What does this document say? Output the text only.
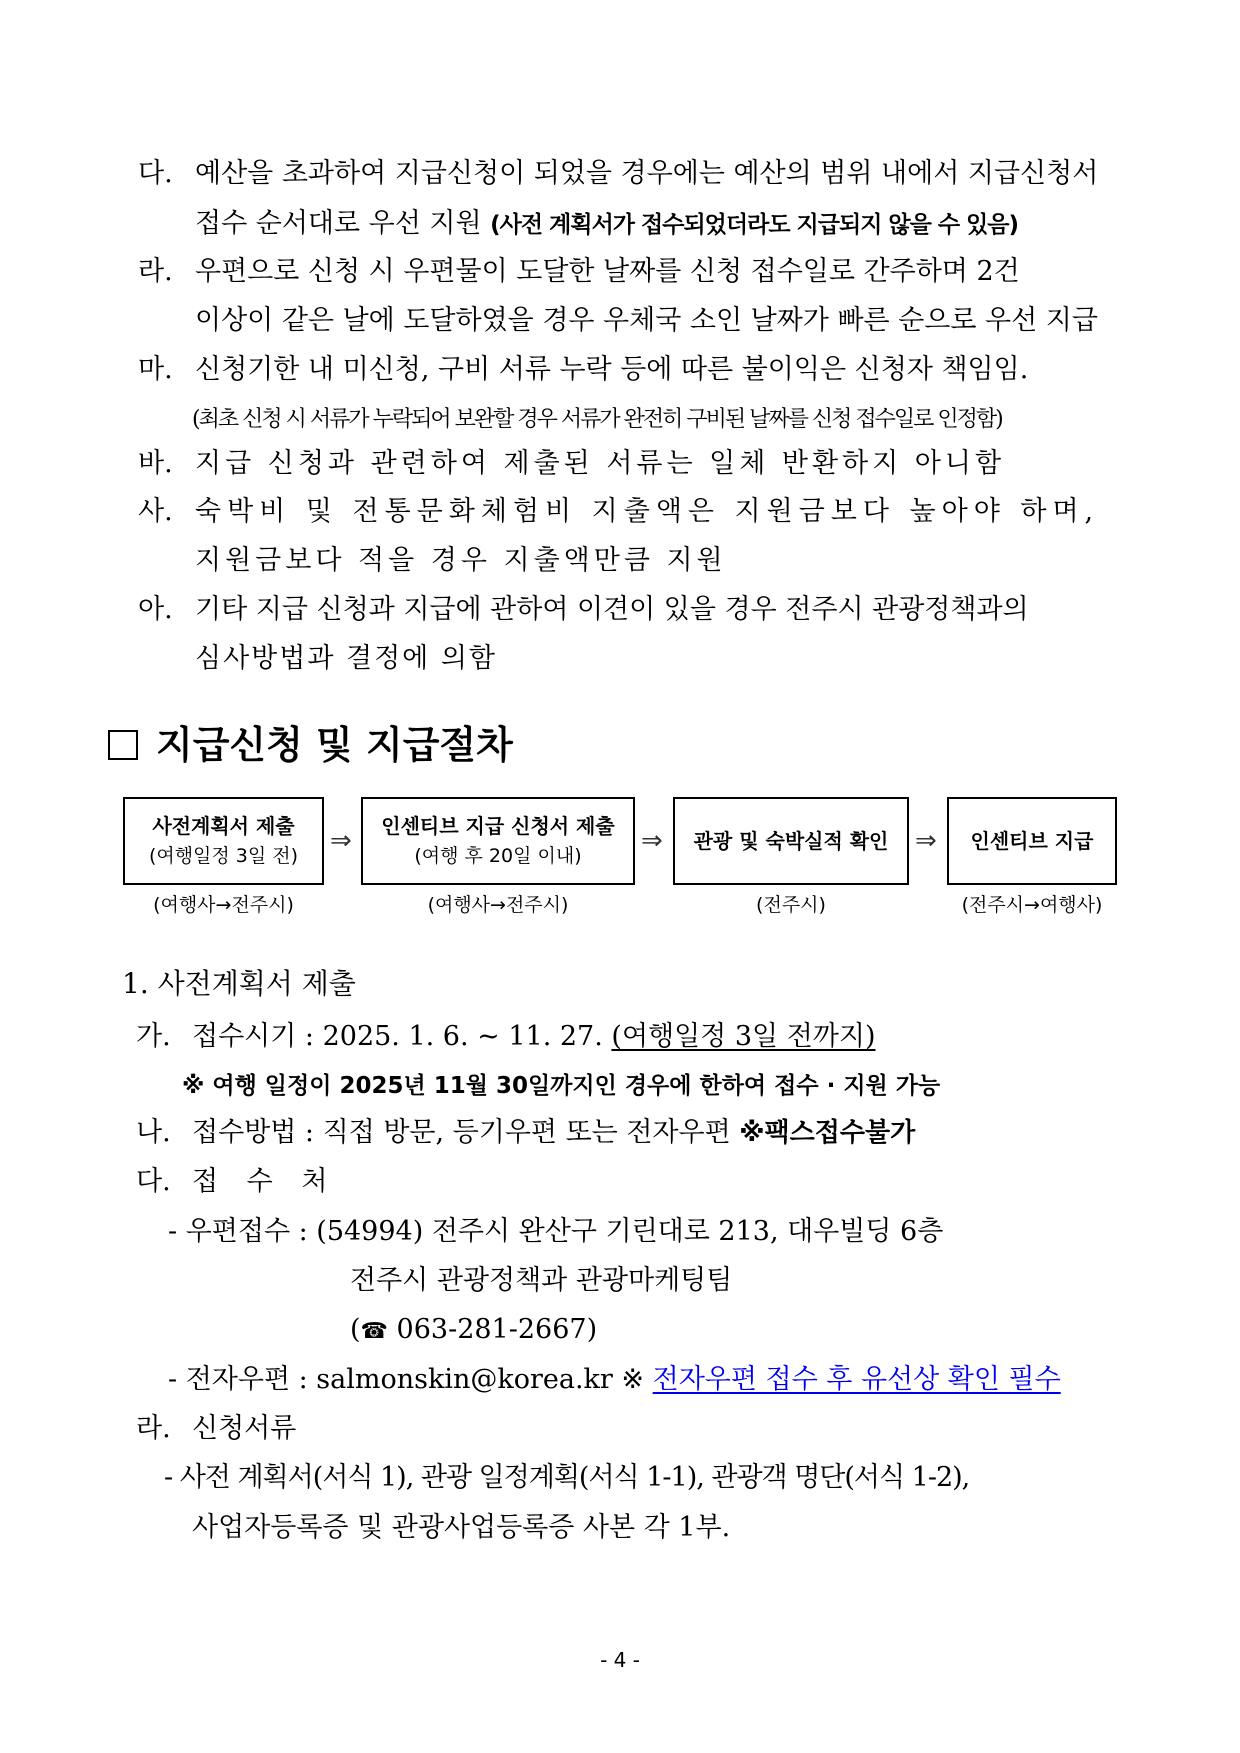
다. 예산을 초과하여 지급신청이 되었을 경우에는 예산의 범위 내에서 지급신청서
접수 순서대로 우선 지원 (사전 계획서가 접수되었더라도 지급되지 않을 수 있음)
라. 우편으로 신청 시 우편물이 도달한 날짜를 신청 접수일로 간주하며 2건
이상이 같은 날에 도달하였을 경우 우체국 소인 날짜가 빠른 순으로 우선 지급
마. 신청기한 내 미신청, 구비 서류 누락 등에 따른 불이익은 신청자 책임임.
(최초 신청 시 서류가 누락되어 보완할 경우 서류가 완전히 구비된 날짜를 신청 접수일로 인정함)
바. 지급 신청과 관련하여 제출된 서류는 일체 반환하지 아니함
사. 숙박비 및 전통문화체험비 지출액은 지원금보다 높아야 하며,
지원금보다 적을 경우 지출액만큼 지원
아. 기타 지급 신청과 지급에 관하여 이견이 있을 경우 전주시 관광정책과의
심사방법과 결정에 의함
지급신청 및 지급절차
사전계획서 제출
(여행일정 3일 전) ⇒ 인센티브 지급 신청서 제출
(여행 후 20일 이내) ⇒ 관광 및 숙박실적 확인 ⇒ 인센티브 지급
(여행사→전주시)	(여행사→전주시)	(전주시)	(전주시→여행사)
1. 사전계획서 제출
가. 접수시기 : 2025. 1. 6. ~ 11. 27. (여행일정 3일 전까지)
※ 여행 일정이 2025년 11월 30일까지인 경우에 한하여 접수 · 지원 가능
나. 접수방법 : 직접 방문, 등기우편 또는 전자우편 ※팩스접수불가
다. 접 수 처
- 우편접수 : (54994) 전주시 완산구 기린대로 213, 대우빌딩 6층
전주시 관광정책과 관광마케팅팀
(☎ 063-281-2667)
- 전자우편 : salmonskin@korea.kr ※ 전자우편 접수 후 유선상 확인 필수
라. 신청서류
- 사전 계획서(서식 1), 관광 일정계획(서식 1-1), 관광객 명단(서식 1-2),
사업자등록증 및 관광사업등록증 사본 각 1부.
- 4 -
